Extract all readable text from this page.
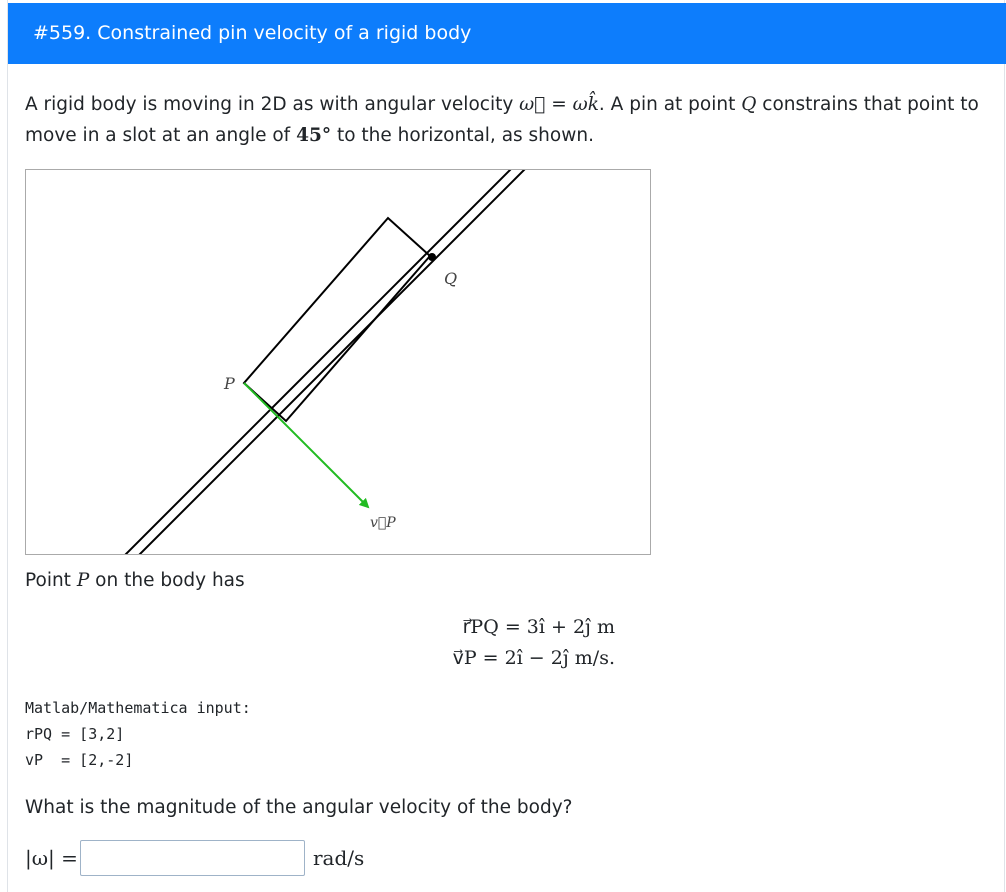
#559. Constrained pin velocity of a rigid body
A rigid body is moving in 2D as with angular velocity ω⃗ = ωk̂. A pin at point Q constrains that point to move in a slot at an angle of 45° to the horizontal, as shown.
P
Q
v⃗P
Point P on the body has
r⃗PQ = 3ı̂ + 2ȷ̂ m
v⃗P = 2ı̂ − 2ȷ̂ m/s.
Matlab/Mathematica input:
rPQ = [3,2]
vP  = [2,-2]
What is the magnitude of the angular velocity of the body?
|ω| =	rad/s
